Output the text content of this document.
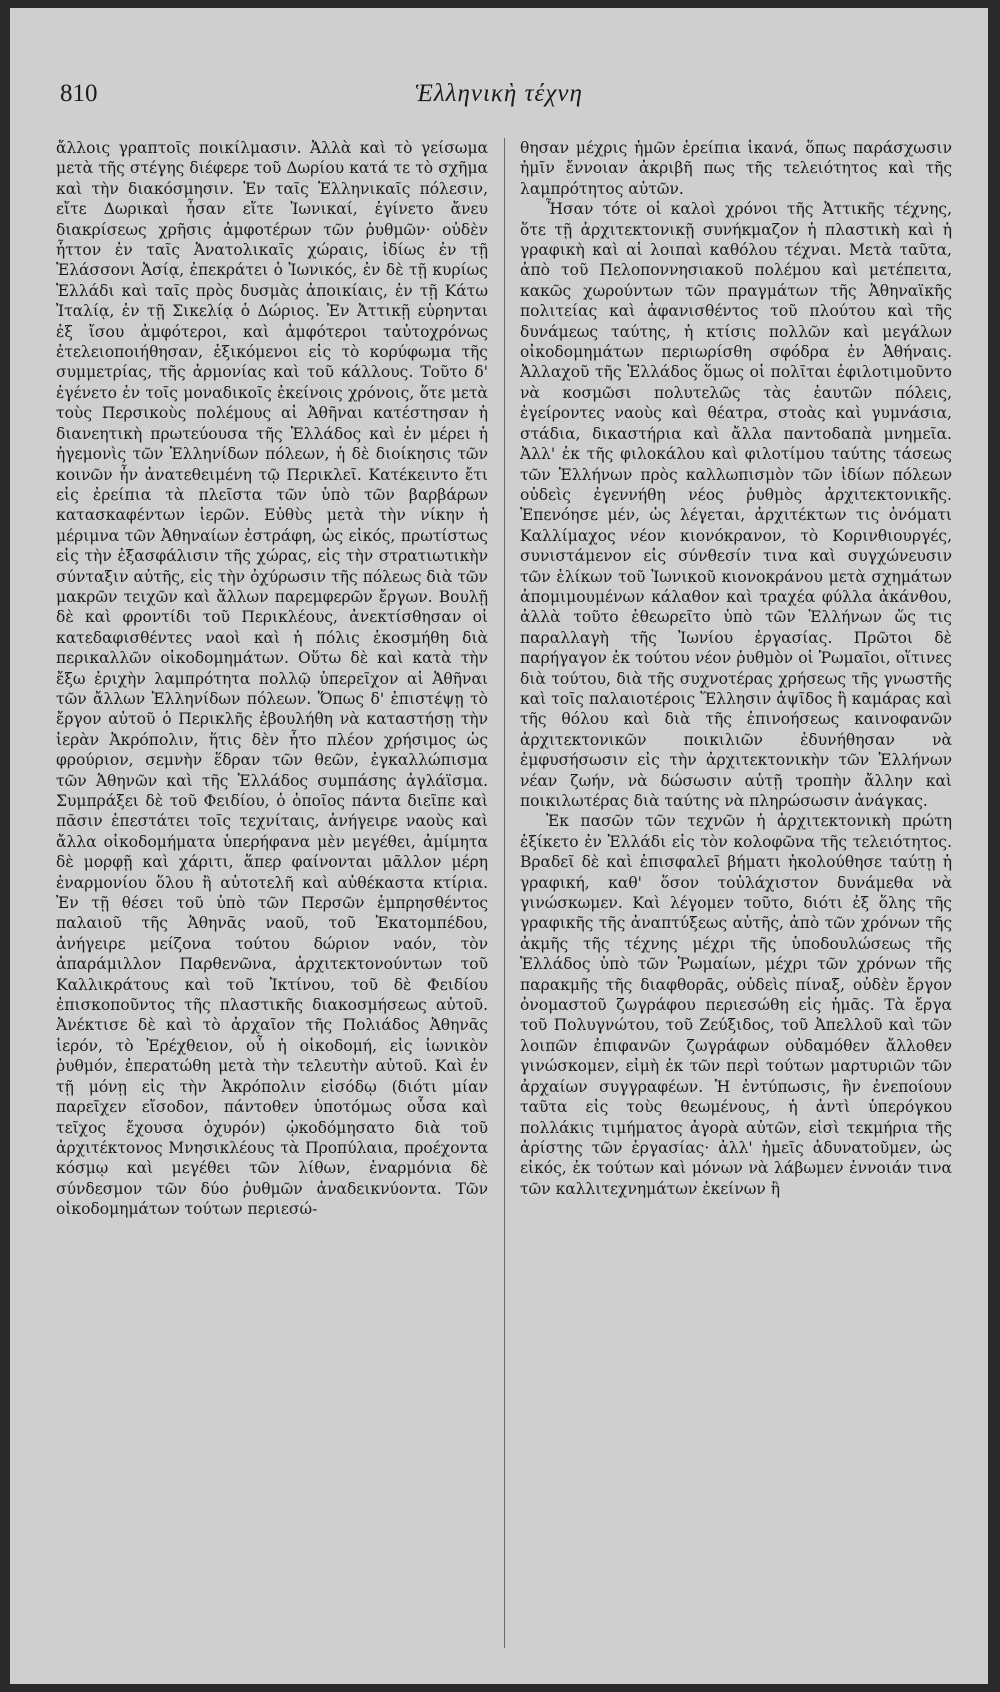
810	Ἑλληνικὴ τέχνη

ἄλλοις γραπτοῖς ποικίλμασιν. Ἀλλὰ καὶ τὸ γείσωμα μετὰ τῆς στέγης διέφερε τοῦ Δωρίου κατά τε τὸ σχῆμα καὶ τὴν διακόσμησιν. Ἐν ταῖς Ἑλληνικαῖς πόλεσιν, εἴτε Δωρικαὶ ἦσαν εἴτε Ἰωνικαί, ἐγίνετο ἄνευ διακρίσεως χρῆσις ἀμφοτέρων τῶν ῥυθμῶν· οὐδὲν ἧττον ἐν ταῖς Ἀνατολικαῖς χώραις, ἰδίως ἐν τῇ Ἐλάσσονι Ἀσίᾳ, ἐπεκράτει ὁ Ἰωνικός, ἐν δὲ τῇ κυρίως Ἑλλάδι καὶ ταῖς πρὸς δυσμὰς ἀποικίαις, ἐν τῇ Κάτω Ἰταλίᾳ, ἐν τῇ Σικελίᾳ ὁ Δώριος. Ἐν Ἀττικῇ εὑρηνται ἐξ ἴσου ἀμφότεροι, καὶ ἀμφότεροι ταὐτοχρόνως ἐτελειοποιήθησαν, ἐξικόμενοι εἰς τὸ κορύφωμα τῆς συμμετρίας, τῆς ἁρμονίας καὶ τοῦ κάλλους. Τοῦτο δ' ἐγένετο ἐν τοῖς μοναδικοῖς ἐκείνοις χρόνοις, ὅτε μετὰ τοὺς Περσικοὺς πολέμους αἱ Ἀθῆναι κατέστησαν ἡ διανεητικὴ πρωτεύουσα τῆς Ἑλλάδος καὶ ἐν μέρει ἡ ἡγεμονὶς τῶν Ἑλληνίδων πόλεων, ἡ δὲ διοίκησις τῶν κοινῶν ἦν ἀνατεθειμένη τῷ Περικλεῖ. Κατέκειντο ἔτι εἰς ἐρείπια τὰ πλεῖστα τῶν ὑπὸ τῶν βαρβάρων κατασκαφέντων ἱερῶν. Εὐθὺς μετὰ τὴν νίκην ἡ μέριμνα τῶν Ἀθηναίων ἐστράφη, ὡς εἰκός, πρωτίστως εἰς τὴν ἐξασφάλισιν τῆς χώρας, εἰς τὴν στρατιωτικὴν σύνταξιν αὐτῆς, εἰς τὴν ὀχύρωσιν τῆς πόλεως διὰ τῶν μακρῶν τειχῶν καὶ ἄλλων παρεμφερῶν ἔργων. Βουλῇ δὲ καὶ φροντίδι τοῦ Περικλέους, ἀνεκτίσθησαν οἱ κατεδαφισθέντες ναοὶ καὶ ἡ πόλις ἐκοσμήθη διὰ περικαλλῶν οἰκοδομημάτων. Οὕτω δὲ καὶ κατὰ τὴν ἔξω ἐριχὴν λαμπρότητα πολλῷ ὑπερεῖχον αἱ Ἀθῆναι τῶν ἄλλων Ἑλληνίδων πόλεων. Ὅπως δ' ἐπιστέψῃ τὸ ἔργον αὐτοῦ ὁ Περικλῆς ἐβουλήθη νὰ καταστήσῃ τὴν ἱερὰν Ἀκρόπολιν, ἥτις δὲν ἦτο πλέον χρήσιμος ὡς φρούριον, σεμνὴν ἕδραν τῶν θεῶν, ἐγκαλλώπισμα τῶν Ἀθηνῶν καὶ τῆς Ἑλλάδος συμπάσης ἀγλάϊσμα. Συμπράξει δὲ τοῦ Φειδίου, ὁ ὁποῖος πάντα διεῖπε καὶ πᾶσιν ἐπεστάτει τοῖς τεχνίταις, ἀνήγειρε ναοὺς καὶ ἄλλα οἰκοδομήματα ὑπερήφανα μὲν μεγέθει, ἀμίμητα δὲ μορφῇ καὶ χάριτι, ἅπερ φαίνονται μᾶλλον μέρη ἐναρμονίου ὅλου ἢ αὐτοτελῆ καὶ αὐθέκαστα κτίρια. Ἐν τῇ θέσει τοῦ ὑπὸ τῶν Περσῶν ἐμπρησθέντος παλαιοῦ τῆς Ἀθηνᾶς ναοῦ, τοῦ Ἑκατομπέδου, ἀνήγειρε μείζονα τούτου δώριον ναόν, τὸν ἀπαράμιλλον Παρθενῶνα, ἀρχιτεκτονούντων τοῦ Καλλικράτους καὶ τοῦ Ἰκτίνου, τοῦ δὲ Φειδίου ἐπισκοποῦντος τῆς πλαστικῆς διακοσμήσεως αὐτοῦ. Ἀνέκτισε δὲ καὶ τὸ ἀρχαῖον τῆς Πολιάδος Ἀθηνᾶς ἱερόν, τὸ Ἐρέχθειον, οὗ ἡ οἰκοδομή, εἰς ἰωνικὸν ῥυθμόν, ἐπερατώθη μετὰ τὴν τελευτὴν αὐτοῦ. Καὶ ἐν τῇ μόνῃ εἰς τὴν Ἀκρόπολιν εἰσόδῳ (διότι μίαν παρεῖχεν εἴσοδον, πάντοθεν ὑποτόμως οὖσα καὶ τεῖχος ἔχουσα ὀχυρόν) ᾠκοδόμησατο διὰ τοῦ ἀρχιτέκτονος Μνησικλέους τὰ Προπύλαια, προέχοντα κόσμῳ καὶ μεγέθει τῶν λίθων, ἐναρμόνια δὲ σύνδεσμον τῶν δύο ῥυθμῶν ἀναδεικνύοντα. Τῶν οἰκοδομημάτων τούτων περιεσώ-

θησαν μέχρις ἡμῶν ἐρείπια ἱκανά, ὅπως παράσχωσιν ἡμῖν ἔννοιαν ἀκριβῆ πως τῆς τελειότητος καὶ τῆς λαμπρότητος αὐτῶν.

Ἦσαν τότε οἱ καλοὶ χρόνοι τῆς Ἀττικῆς τέχνης, ὅτε τῇ ἀρχιτεκτονικῇ συνήκμαζον ἡ πλαστικὴ καὶ ἡ γραφικὴ καὶ αἱ λοιπαὶ καθόλου τέχναι. Μετὰ ταῦτα, ἀπὸ τοῦ Πελοποννησιακοῦ πολέμου καὶ μετέπειτα, κακῶς χωρούντων τῶν πραγμάτων τῆς Ἀθηναϊκῆς πολιτείας καὶ ἀφανισθέντος τοῦ πλούτου καὶ τῆς δυνάμεως ταύτης, ἡ κτίσις πολλῶν καὶ μεγάλων οἰκοδομημάτων περιωρίσθη σφόδρα ἐν Ἀθήναις. Ἀλλαχοῦ τῆς Ἑλλάδος ὅμως οἱ πολῖται ἐφιλοτιμοῦντο νὰ κοσμῶσι πολυτελῶς τὰς ἑαυτῶν πόλεις, ἐγείροντες ναοὺς καὶ θέατρα, στοὰς καὶ γυμνάσια, στάδια, δικαστήρια καὶ ἄλλα παντοδαπὰ μνημεῖα. Ἀλλ' ἐκ τῆς φιλοκάλου καὶ φιλοτίμου ταύτης τάσεως τῶν Ἑλλήνων πρὸς καλλωπισμὸν τῶν ἰδίων πόλεων οὐδεὶς ἐγεννήθη νέος ῥυθμὸς ἀρχιτεκτονικῆς. Ἐπενόησε μέν, ὡς λέγεται, ἀρχιτέκτων τις ὀνόματι Καλλίμαχος νέον κιονόκρανον, τὸ Κορινθιουργές, συνιστάμενον εἰς σύνθεσίν τινα καὶ συγχώνευσιν τῶν ἑλίκων τοῦ Ἰωνικοῦ κιονοκράνου μετὰ σχημάτων ἀπομιμουμένων κάλαθον καὶ τραχέα φύλλα ἀκάνθου, ἀλλὰ τοῦτο ἐθεωρεῖτο ὑπὸ τῶν Ἑλλήνων ὥς τις παραλλαγὴ τῆς Ἰωνίου ἐργασίας. Πρῶτοι δὲ παρήγαγον ἐκ τούτου νέον ῥυθμὸν οἱ Ῥωμαῖοι, οἵτινες διὰ τούτου, διὰ τῆς συχνοτέρας χρήσεως τῆς γνωστῆς καὶ τοῖς παλαιοτέροις Ἕλλησιν ἁψῖδος ἢ καμάρας καὶ τῆς θόλου καὶ διὰ τῆς ἐπινοήσεως καινοφανῶν ἀρχιτεκτονικῶν ποικιλιῶν ἐδυνήθησαν νὰ ἐμφυσήσωσιν εἰς τὴν ἀρχιτεκτονικὴν τῶν Ἑλλήνων νέαν ζωήν, νὰ δώσωσιν αὐτῇ τροπὴν ἄλλην καὶ ποικιλωτέρας διὰ ταύτης νὰ πληρώσωσιν ἀνάγκας.

Ἐκ πασῶν τῶν τεχνῶν ἡ ἀρχιτεκτονικὴ πρώτη ἐξίκετο ἐν Ἑλλάδι εἰς τὸν κολοφῶνα τῆς τελειότητος. Βραδεῖ δὲ καὶ ἐπισφαλεῖ βήματι ἠκολούθησε ταύτῃ ἡ γραφική, καθ' ὅσον τοὐλάχιστον δυνάμεθα νὰ γινώσκωμεν. Καὶ λέγομεν τοῦτο, διότι ἐξ ὅλης τῆς γραφικῆς τῆς ἀναπτύξεως αὐτῆς, ἀπὸ τῶν χρόνων τῆς ἀκμῆς τῆς τέχνης μέχρι τῆς ὑποδουλώσεως τῆς Ἑλλάδος ὑπὸ τῶν Ῥωμαίων, μέχρι τῶν χρόνων τῆς παρακμῆς τῆς διαφθορᾶς, οὐδεὶς πίναξ, οὐδὲν ἔργον ὀνομαστοῦ ζωγράφου περιεσώθη εἰς ἡμᾶς. Τὰ ἔργα τοῦ Πολυγνώτου, τοῦ Ζεύξιδος, τοῦ Ἀπελλοῦ καὶ τῶν λοιπῶν ἐπιφανῶν ζωγράφων οὐδαμόθεν ἄλλοθεν γινώσκομεν, εἰμὴ ἐκ τῶν περὶ τούτων μαρτυριῶν τῶν ἀρχαίων συγγραφέων. Ἡ ἐντύπωσις, ἣν ἐνεποίουν ταῦτα εἰς τοὺς θεωμένους, ἡ ἀντὶ ὑπερόγκου πολλάκις τιμήματος ἀγορὰ αὐτῶν, εἰσὶ τεκμήρια τῆς ἀρίστης τῶν ἐργασίας· ἀλλ' ἡμεῖς ἀδυνατοῦμεν, ὡς εἰκός, ἐκ τούτων καὶ μόνων νὰ λάβωμεν ἐννοιάν τινα τῶν καλλιτεχνημάτων ἐκείνων ἢ
